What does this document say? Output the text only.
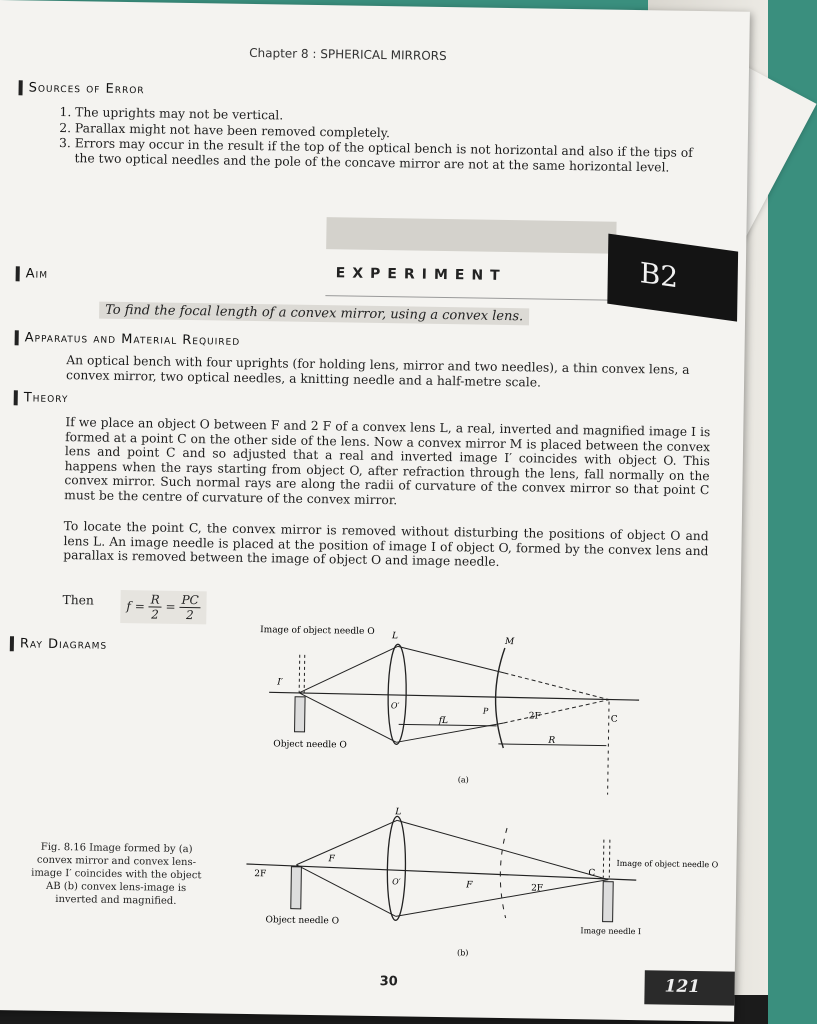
Chapter 8 : SPHERICAL MIRRORS
Sources of Error
1. The uprights may not be vertical.
2. Parallax might not have been removed completely.
3. Errors may occur in the result if the top of the optical bench is not horizontal and also if the tips of the two optical needles and the pole of the concave mirror are not at the same horizontal level.
EXPERIMENT	B2
Aim
To find the focal length of a convex mirror, using a convex lens.
Apparatus and Material Required
An optical bench with four uprights (for holding lens, mirror and two needles), a thin convex lens, a convex mirror, two optical needles, a knitting needle and a half-metre scale.
Theory
If we place an object O between F and 2 F of a convex lens L, a real, inverted and magnified image I is formed at a point C on the other side of the lens. Now a convex mirror M is placed between the convex lens and point C and so adjusted that a real and inverted image I′ coincides with object O. This happens when the rays starting from object O, after refraction through the lens, fall normally on the convex mirror. Such normal rays are along the radii of curvature of the convex mirror so that point C must be the centre of curvature of the convex mirror.
To locate the point C, the convex mirror is removed without disturbing the positions of object O and lens L. An image needle is placed at the position of image I of object O, formed by the convex lens and parallax is removed between the image of object O and image needle.
Then	$f = \frac{R}{2} = \frac{PC}{2}$
Ray Diagrams
Image of object needle O L
M
I′
O′
P
fL	2F	C
R
Object needle O
(a)
L
2F
F
O′	F	2F
C
Image of object needle O
Image needle I
Object needle O
(b)
Fig. 8.16 Image formed by (a) convex mirror and convex lens-image I′ coincides with the object AB (b) convex lens-image is inverted and magnified.
30	121
